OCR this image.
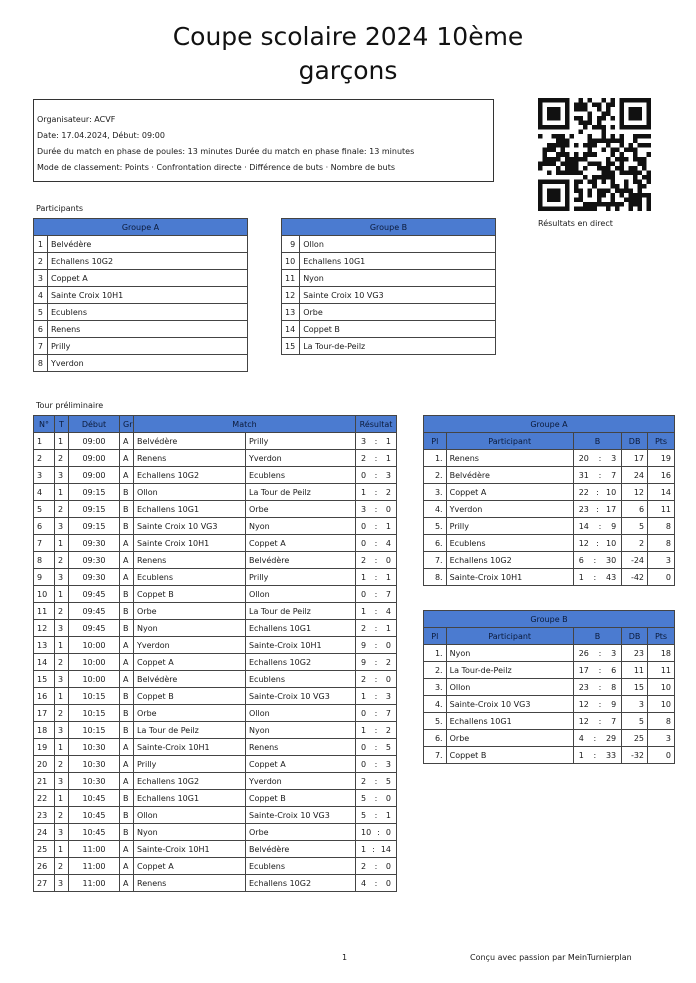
Coupe scolaire 2024 10ème
garçons
Organisateur: ACVF
Date: 17.04.2024, Début: 09:00
Durée du match en phase de poules: 13 minutes Durée du match en phase finale: 13 minutes
Mode de classement: Points · Confrontation directe · Différence de buts · Nombre de buts
Résultats en direct
Participants
Groupe A	
1	Belvédère
2	Echallens 10G2
3	Coppet A
4	Sainte Croix 10H1
5	Ecublens
6	Renens
7	Prilly
8	Yverdon
Groupe B	
9	Ollon
10	Echallens 10G1
11	Nyon
12	Sainte Croix 10 VG3
13	Orbe
14	Coppet B
15	La Tour-de-Peilz
Tour préliminaire
N°	T	Début	Gr	Match		Résultat
1	1	09:00	A	Belvédère	Prilly	3 : 1

2	2	09:00	A	Renens	Yverdon	2 : 1

3	3	09:00	A	Echallens 10G2	Ecublens	0 : 3

4	1	09:15	B	Ollon	La Tour de Peilz	1 : 2

5	2	09:15	B	Echallens 10G1	Orbe	3 : 0

6	3	09:15	B	Sainte Croix 10 VG3	Nyon	0 : 1

7	1	09:30	A	Sainte Croix 10H1	Coppet A	0 : 4

8	2	09:30	A	Renens	Belvédère	2 : 0

9	3	09:30	A	Ecublens	Prilly	1 : 1

10	1	09:45	B	Coppet B	Ollon	0 : 7

11	2	09:45	B	Orbe	La Tour de Peilz	1 : 4

12	3	09:45	B	Nyon	Echallens 10G1	2 : 1

13	1	10:00	A	Yverdon	Sainte-Croix 10H1	9 : 0

14	2	10:00	A	Coppet A	Echallens 10G2	9 : 2

15	3	10:00	A	Belvédère	Ecublens	2 : 0

16	1	10:15	B	Coppet B	Sainte-Croix 10 VG3	1 : 3

17	2	10:15	B	Orbe	Ollon	0 : 7

18	3	10:15	B	La Tour de Peilz	Nyon	1 : 2

19	1	10:30	A	Sainte-Croix 10H1	Renens	0 : 5

20	2	10:30	A	Prilly	Coppet A	0 : 3

21	3	10:30	A	Echallens 10G2	Yverdon	2 : 5

22	1	10:45	B	Echallens 10G1	Coppet B	5 : 0

23	2	10:45	B	Ollon	Sainte-Croix 10 VG3	5 : 1

24	3	10:45	B	Nyon	Orbe	10 : 0

25	1	11:00	A	Sainte-Croix 10H1	Belvédère	1 : 14

26	2	11:00	A	Coppet A	Ecublens	2 : 0

27	3	11:00	A	Renens	Echallens 10G2	4 : 0
Groupe A				
Pl	Participant	B	DB	Pts
1.	Renens	20 : 3	17	19
2.	Belvédère	31 : 7	24	16
3.	Coppet A	22 : 10	12	14
4.	Yverdon	23 : 17	6	11
5.	Prilly	14 : 9	5	8
6.	Ecublens	12 : 10	2	8
7.	Echallens 10G2	6 : 30	-24	3
8.	Sainte-Croix 10H1	1 : 43	-42	0
Groupe B				
Pl	Participant	B	DB	Pts
1.	Nyon	26 : 3	23	18
2.	La Tour-de-Peilz	17 : 6	11	11
3.	Ollon	23 : 8	15	10
4.	Sainte-Croix 10 VG3	12 : 9	3	10
5.	Echallens 10G1	12 : 7	5	8
6.	Orbe	4 : 29	25	3
7.	Coppet B	1 : 33	-32	0
1	Conçu avec passion par MeinTurnierplan
